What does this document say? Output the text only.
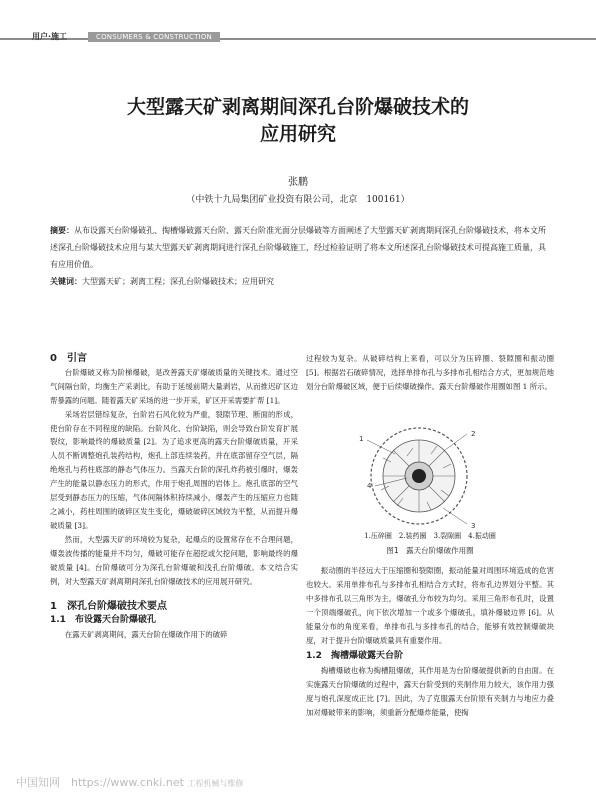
用户·施工	CONSUMERS & CONSTRUCTION
大型露天矿剥离期间深孔台阶爆破技术的
应用研究
张鹏
（中铁十九局集团矿业投资有限公司，北京　100161）
摘要：从布设露天台阶爆破孔、掏槽爆破露天台阶、露天台阶准光面分层爆破等方面阐述了大型露天矿剥离期间深孔台阶爆破技术，将本文所述深孔台阶爆破技术应用与某大型露天矿剥离期间进行深孔台阶爆破施工，经过检验证明了将本文所述深孔台阶爆破技术可提高施工质量，具有应用价值。
关键词：大型露天矿；剥离工程；深孔台阶爆破技术；应用研究
0　引言

台阶爆破又称为阶梯爆破，是改善露天矿爆破质量的关键技术。通过空气间隔台阶，均衡生产采剥比，有助于延缓前期大量剥岩，从而推迟矿区边帮暴露的问题。随着露天矿采场的进一步开采，矿区开采需要扩帮 [1]。

采场岩层错综复杂，台阶岩石风化较为严重，裂隙节理、断面的形成，使台阶存在不同程度的缺陷。台阶风化、台阶缺陷，则会导致台阶发育扩展裂纹，影响最终的爆破质量 [2]。为了追求更高的露天台阶爆破质量，开采人员不断调整炮孔装药结构，炮孔上部连续装药，并在底部留存空气层，隔绝炮孔与药柱底部的静态气体压力。当露天台阶的深孔炸药被引爆时，爆轰产生的能量以静态压力的形式，作用于炮孔周围的岩体上。炮孔底部的空气层受到静态压力的压缩，气体间隔体积持续减小，爆轰产生的压缩应力也随之减小，药柱周围的破碎区发生变化，爆破破碎区域较为平整，从而提升爆破质量 [3]。

然而，大型露天矿的环境较为复杂，起爆点的设置常存在不合理问题，爆轰波传播的能量并不均匀，爆破可能存在超挖或欠挖问题，影响最终的爆破质量 [4]。台阶爆破可分为深孔台阶爆破和浅孔台阶爆破。本文结合实例，对大型露天矿剥离期间深孔台阶爆破技术的应用展开研究。

1　深孔台阶爆破技术要点
1.1　布设露天台阶爆破孔

在露天矿剥离期间，露天台阶在爆破作用下的破碎

过程较为复杂。从破碎结构上来看，可以分为压碎圈、裂隙圈和振动圈 [5]。根据岩石破碎情况，选择单排布孔与多排布孔相结合方式，更加规范地划分台阶爆破区域，便于后续爆破操作。露天台阶爆破作用圈如图 1 所示。

1
2
3
4
1.压碎圈　2.装药圈　3.裂隙圈　4.振动圈
图1　露天台阶爆破作用圈

振动圈的半径远大于压缩圈和裂隙圈，振动能量对周围环境造成的危害也较大。采用单排布孔与多排布孔相结合方式时，将布孔边界划分平整。其中多排布孔以三角形为主，爆破孔分布较为均匀。采用三角形布孔时，设置一个顶端爆破孔，向下依次增加一个或多个爆破孔，填补爆破边界 [6]。从能量分布的角度来看，单排布孔与多排布孔的结合，能够有效控制爆破块度，对于提升台阶爆破质量具有重要作用。

1.2　掏槽爆破露天台阶

掏槽爆破也称为掏槽阻爆破，其作用是为台阶爆破提供新的自由面。在实施露天台阶爆破的过程中，露天台阶受到的夹制作用力较大，该作用力强度与炮孔深度成正比 [7]。因此，为了克服露天台阶原有夹制力与地应力叠加对爆破带来的影响，须重新分配爆炸能量，使掏

中国知网　https://www.cnki.net 工程机械与维修
